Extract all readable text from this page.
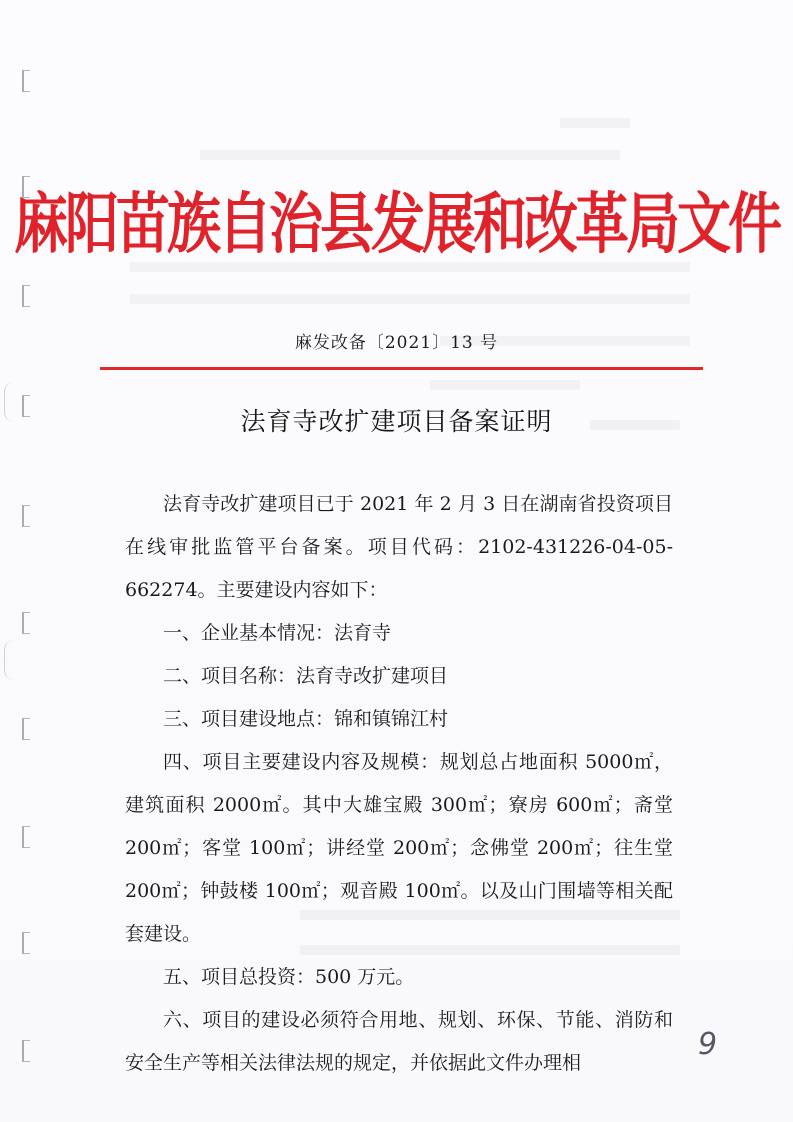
麻阳苗族自治县发展和改革局文件
麻发改备〔2021〕13 号
法育寺改扩建项目备案证明

法育寺改扩建项目已于 2021 年 2 月 3 日在湖南省投资项目在线审批监管平台备案。项目代码：2102-431226-04-05-662274。主要建设内容如下：

一、企业基本情况：法育寺

二、项目名称：法育寺改扩建项目

三、项目建设地点：锦和镇锦江村

四、项目主要建设内容及规模：规划总占地面积 5000㎡，建筑面积 2000㎡。其中大雄宝殿 300㎡；寮房 600㎡；斋堂 200㎡；客堂 100㎡；讲经堂 200㎡；念佛堂 200㎡；往生堂 200㎡；钟鼓楼 100㎡；观音殿 100㎡。以及山门围墙等相关配套建设。

五、项目总投资：500 万元。

六、项目的建设必须符合用地、规划、环保、节能、消防和安全生产等相关法律法规的规定，并依据此文件办理相

9
